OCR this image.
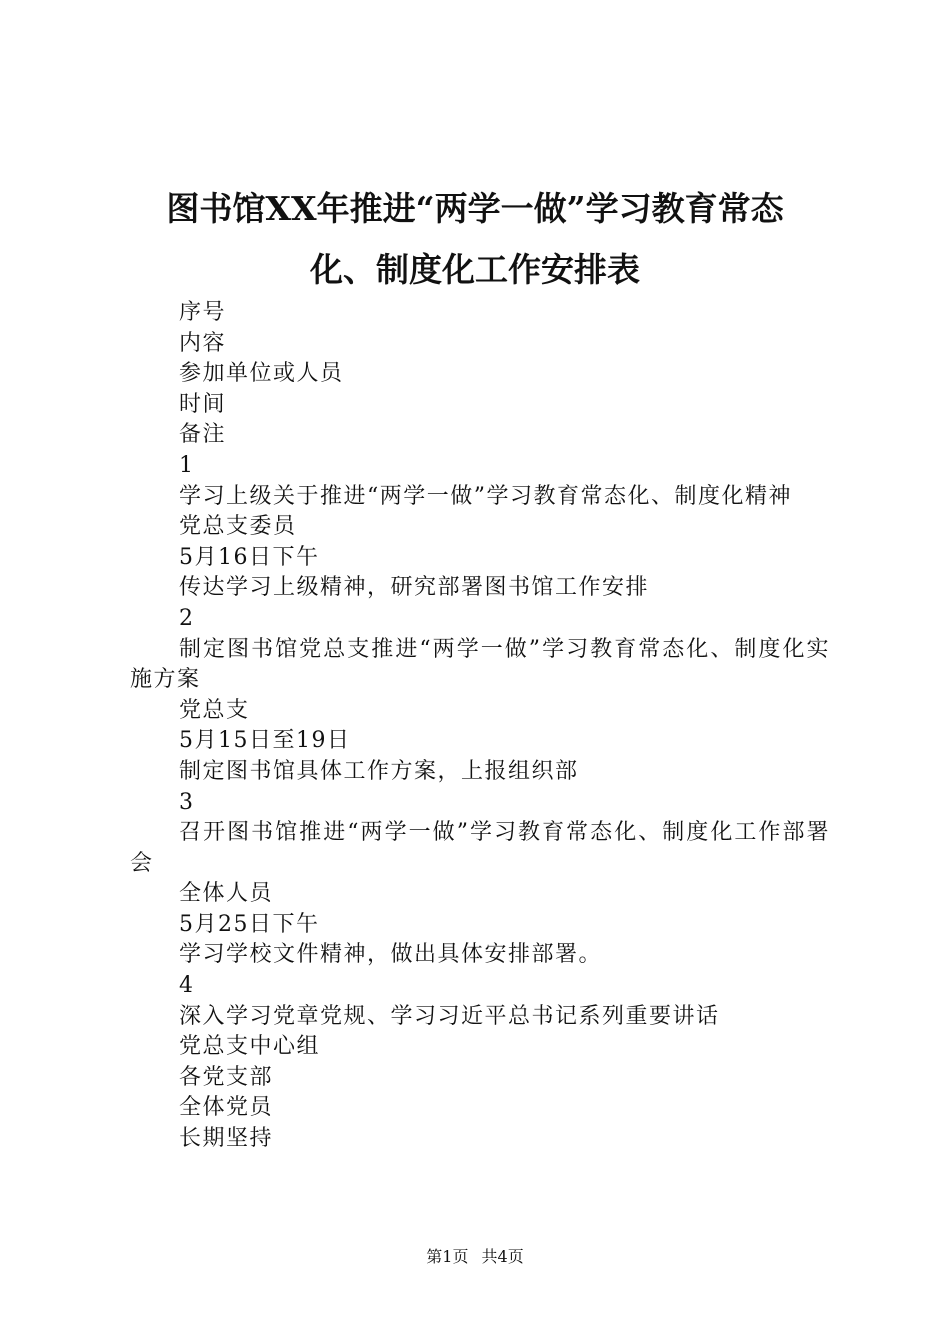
图书馆XX年推进“两学一做”学习教育常态
化、制度化工作安排表

序号

内容

参加单位或人员

时间

备注

1

学习上级关于推进“两学一做”学习教育常态化、制度化精神

党总支委员

5月16日下午

传达学习上级精神，研究部署图书馆工作安排

2

制定图书馆党总支推进“两学一做”学习教育常态化、制度化实施方案

党总支

5月15日至19日

制定图书馆具体工作方案，上报组织部

3

召开图书馆推进“两学一做”学习教育常态化、制度化工作部署会

全体人员

5月25日下午

学习学校文件精神，做出具体安排部署。

4

深入学习党章党规、学习习近平总书记系列重要讲话

党总支中心组

各党支部

全体党员

长期坚持

第1页 共4页
